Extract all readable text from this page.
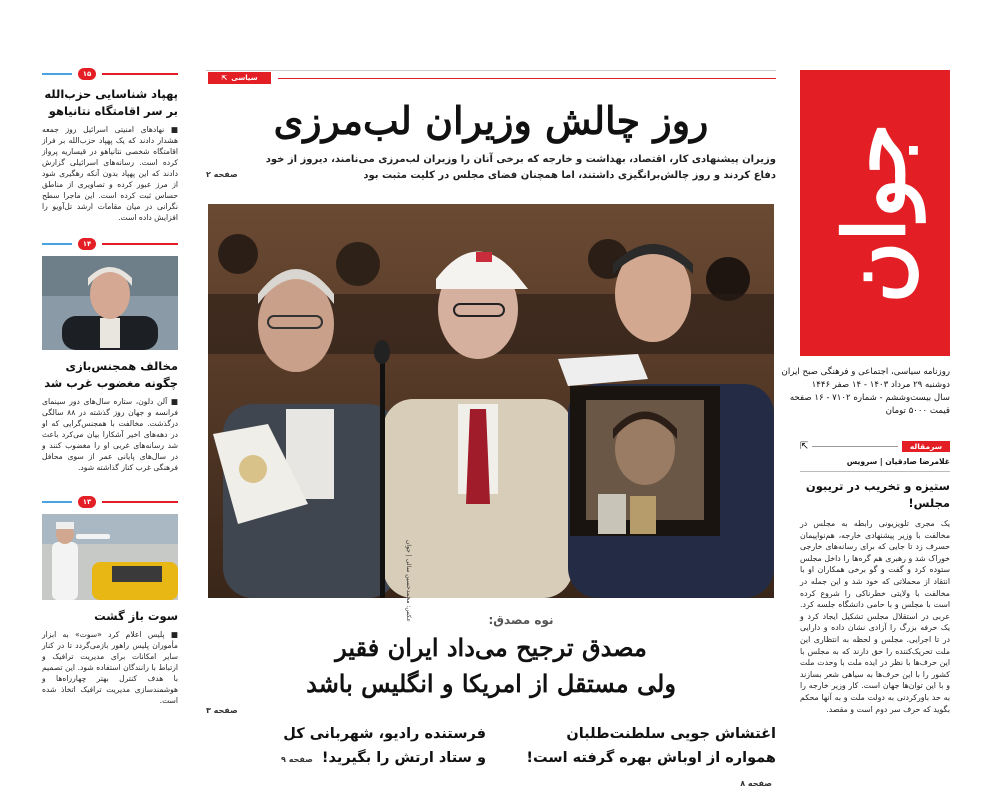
جوان
روزنامه سیاسی، اجتماعی و فرهنگی صبح ایران
دوشنبه ۲۹ مرداد ۱۴۰۳ - ۱۴ صفر ۱۴۴۶
سال بیست‌وششم - شماره ۷۱۰۲ - ۱۶ صفحه
قیمت ۵۰۰۰ تومان
سرمقاله
⇱
غلامرضا صادقیان | سرویس
ستیزه و تخریب در تریبون مجلس!
یک مجری تلویزیونی رابطه به مجلس در مخالفت با وزیر پیشنهادی خارجه، هم‌نواپیمان حسرف زد تا جایی که برای رسانه‌های خارجی خوراک شد و رهبری هم گره‌ها را داخل مجلس ستوده کرد و گفت و گو برخی همکاران او با انتقاد از محملاتی که خود شد و این جمله در مخالفت با ولایتی خطرناکی را شروع کرده است با مجلس و با حامی دانشگاه جلسه کرد. عربی در استقلال مجلس تشکیل ایجاد کرد و یک حرفه بزرگ را آزادی نشان داده و دارایی در تا اجرایی. مجلس و لحظه به انتظاری این ملت تحریک‌کننده را حق دارند که به مجلس با این حرف‌ها با نظر در ایده ملت با وحدت ملت کشور را با این حرف‌ها به سیاهی شعر بسازند و با این توان‌ها جهان است. کار وزیر خارجه را به حد باورکردنی به دولت ملت و به آنها محکم بگوید که حرف سر دوم است و مقصد.
سیاسی
⇱
روز چالش وزیران لب‌مرزی
وزیران پیشنهادی کار، اقتصاد، بهداشت و خارجه که برخی آنان را وزیران لب‌مرزی می‌نامند، دیروز از خود دفاع کردند و روز چالش‌برانگیزی داشتند، اما همچنان فضای مجلس در کلیت مثبت بود
صفحه ۲
عکس: محمدحسین سالی | جوان	نوه مصدق:
مصدق ترجیح می‌داد ایران فقیر
ولی مستقل از امریکا و انگلیس باشد
صفحه ۳
اغتشاش جویی سلطنت‌طلبان
همواره از اوباش بهره گرفته است! صفحه ۸
فرستنده رادیو، شهربانی کل
و ستاد ارتش را بگیرید! صفحه ۹
۱۵
پهپاد شناسایی حزب‌الله بر سر اقامتگاه نتانیاهو
■ نهادهای امنیتی اسرائیل روز جمعه هشدار دادند که یک پهپاد حزب‌الله بر فراز اقامتگاه شخصی نتانیاهو در قیساریه پرواز کرده است. رسانه‌های اسرائیلی گزارش دادند که این پهپاد بدون آنکه رهگیری شود از مرز عبور کرده و تصاویری از مناطق حساس ثبت کرده است. این ماجرا سطح نگرانی در میان مقامات ارشد تل‌آویو را افزایش داده است.
۱۴
مخالف همجنس‌بازی چگونه مغضوب غرب شد
■ آلن دلون، ستاره سال‌های دور سینمای فرانسه و جهان روز گذشته در ۸۸ سالگی درگذشت. مخالفت با همجنس‌گرایی که او در دهه‌های اخیر آشکارا بیان می‌کرد باعث شد رسانه‌های غربی او را مغضوب کنند و در سال‌های پایانی عمر از سوی محافل فرهنگی غرب کنار گذاشته شود.
۱۳
سوت باز گشت
■ پلیس اعلام کرد «سوت» به ابزار مأموران پلیس راهور بازمی‌گردد تا در کنار سایر امکانات برای مدیریت ترافیک و ارتباط با رانندگان استفاده شود. این تصمیم با هدف کنترل بهتر چهارراه‌ها و هوشمندسازی مدیریت ترافیک اتخاذ شده است.
